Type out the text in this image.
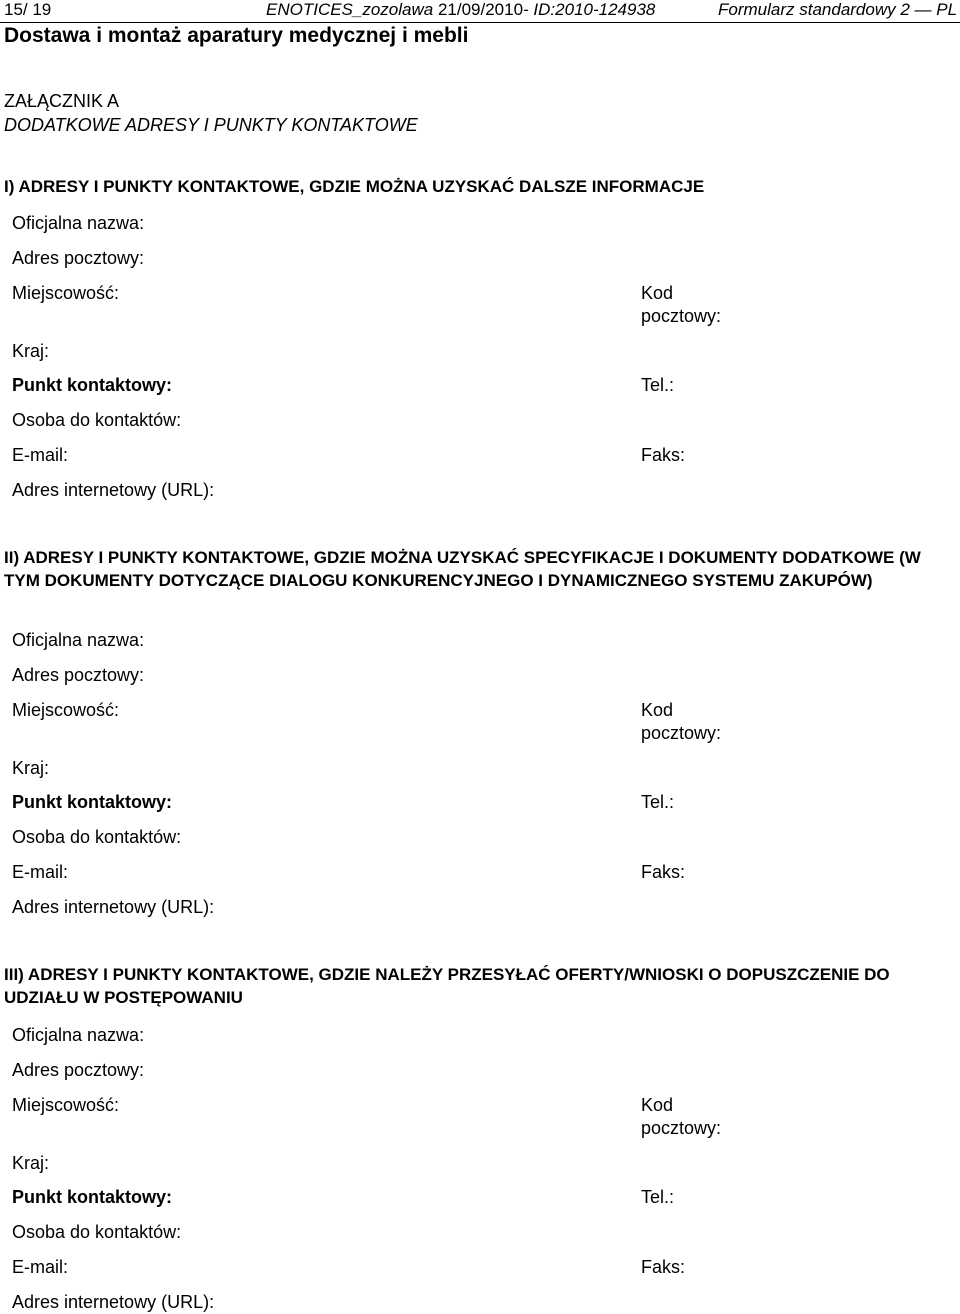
15/ 19	ENOTICES_zozolawa 21/09/2010- ID:2010-124938	Formularz standardowy 2 — PL
Dostawa i montaż aparatury medycznej i mebli
ZAŁĄCZNIK A
DODATKOWE ADRESY I PUNKTY KONTAKTOWE
I) ADRESY I PUNKTY KONTAKTOWE, GDZIE MOŻNA UZYSKAĆ DALSZE INFORMACJE
Oficjalna nazwa:
Adres pocztowy:
Miejscowość:	Kod
pocztowy:
Kraj:
Punkt kontaktowy:	Tel.:
Osoba do kontaktów:
E-mail:	Faks:
Adres internetowy (URL):
II) ADRESY I PUNKTY KONTAKTOWE, GDZIE MOŻNA UZYSKAĆ SPECYFIKACJE I DOKUMENTY DODATKOWE (W TYM DOKUMENTY DOTYCZĄCE DIALOGU KONKURENCYJNEGO I DYNAMICZNEGO SYSTEMU ZAKUPÓW)
Oficjalna nazwa:
Adres pocztowy:
Miejscowość:	Kod
pocztowy:
Kraj:
Punkt kontaktowy:	Tel.:
Osoba do kontaktów:
E-mail:	Faks:
Adres internetowy (URL):
III) ADRESY I PUNKTY KONTAKTOWE, GDZIE NALEŻY PRZESYŁAĆ OFERTY/WNIOSKI O DOPUSZCZENIE DO UDZIAŁU W POSTĘPOWANIU
Oficjalna nazwa:
Adres pocztowy:
Miejscowość:	Kod
pocztowy:
Kraj:
Punkt kontaktowy:	Tel.:
Osoba do kontaktów:
E-mail:	Faks:
Adres internetowy (URL):
